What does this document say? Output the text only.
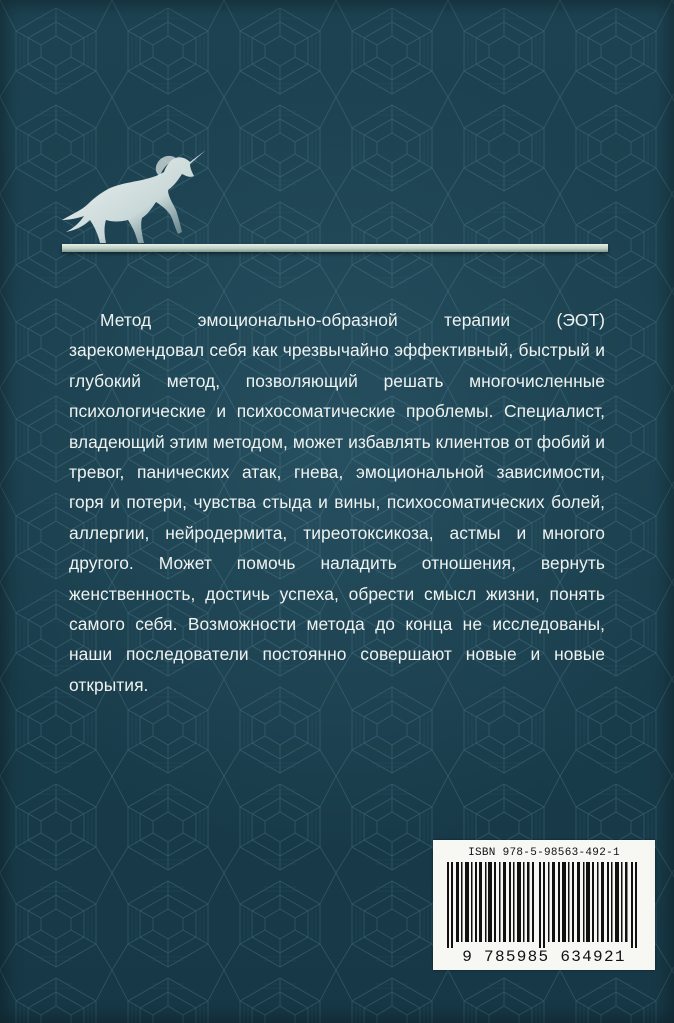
Метод эмоционально-образной терапии (ЭОТ) зарекомендовал себя как чрезвычайно эффективный, быстрый и глубокий метод, позволяющий решать многочисленные психологические и психосоматические проблемы. Специалист, владеющий этим методом, может избавлять клиентов от фобий и тревог, панических атак, гнева, эмоциональной зависимости, горя и потери, чувства стыда и вины, психосоматических болей, аллергии, нейродермита, тиреотоксикоза, астмы и многого другого. Может помочь наладить отношения, вернуть женственность, достичь успеха, обрести смысл жизни, понять самого себя. Возможности метода до конца не исследованы, наши последователи постоянно совершают новые и новые открытия.

ISBN 978-5-98563-492-1
9 785985 634921
